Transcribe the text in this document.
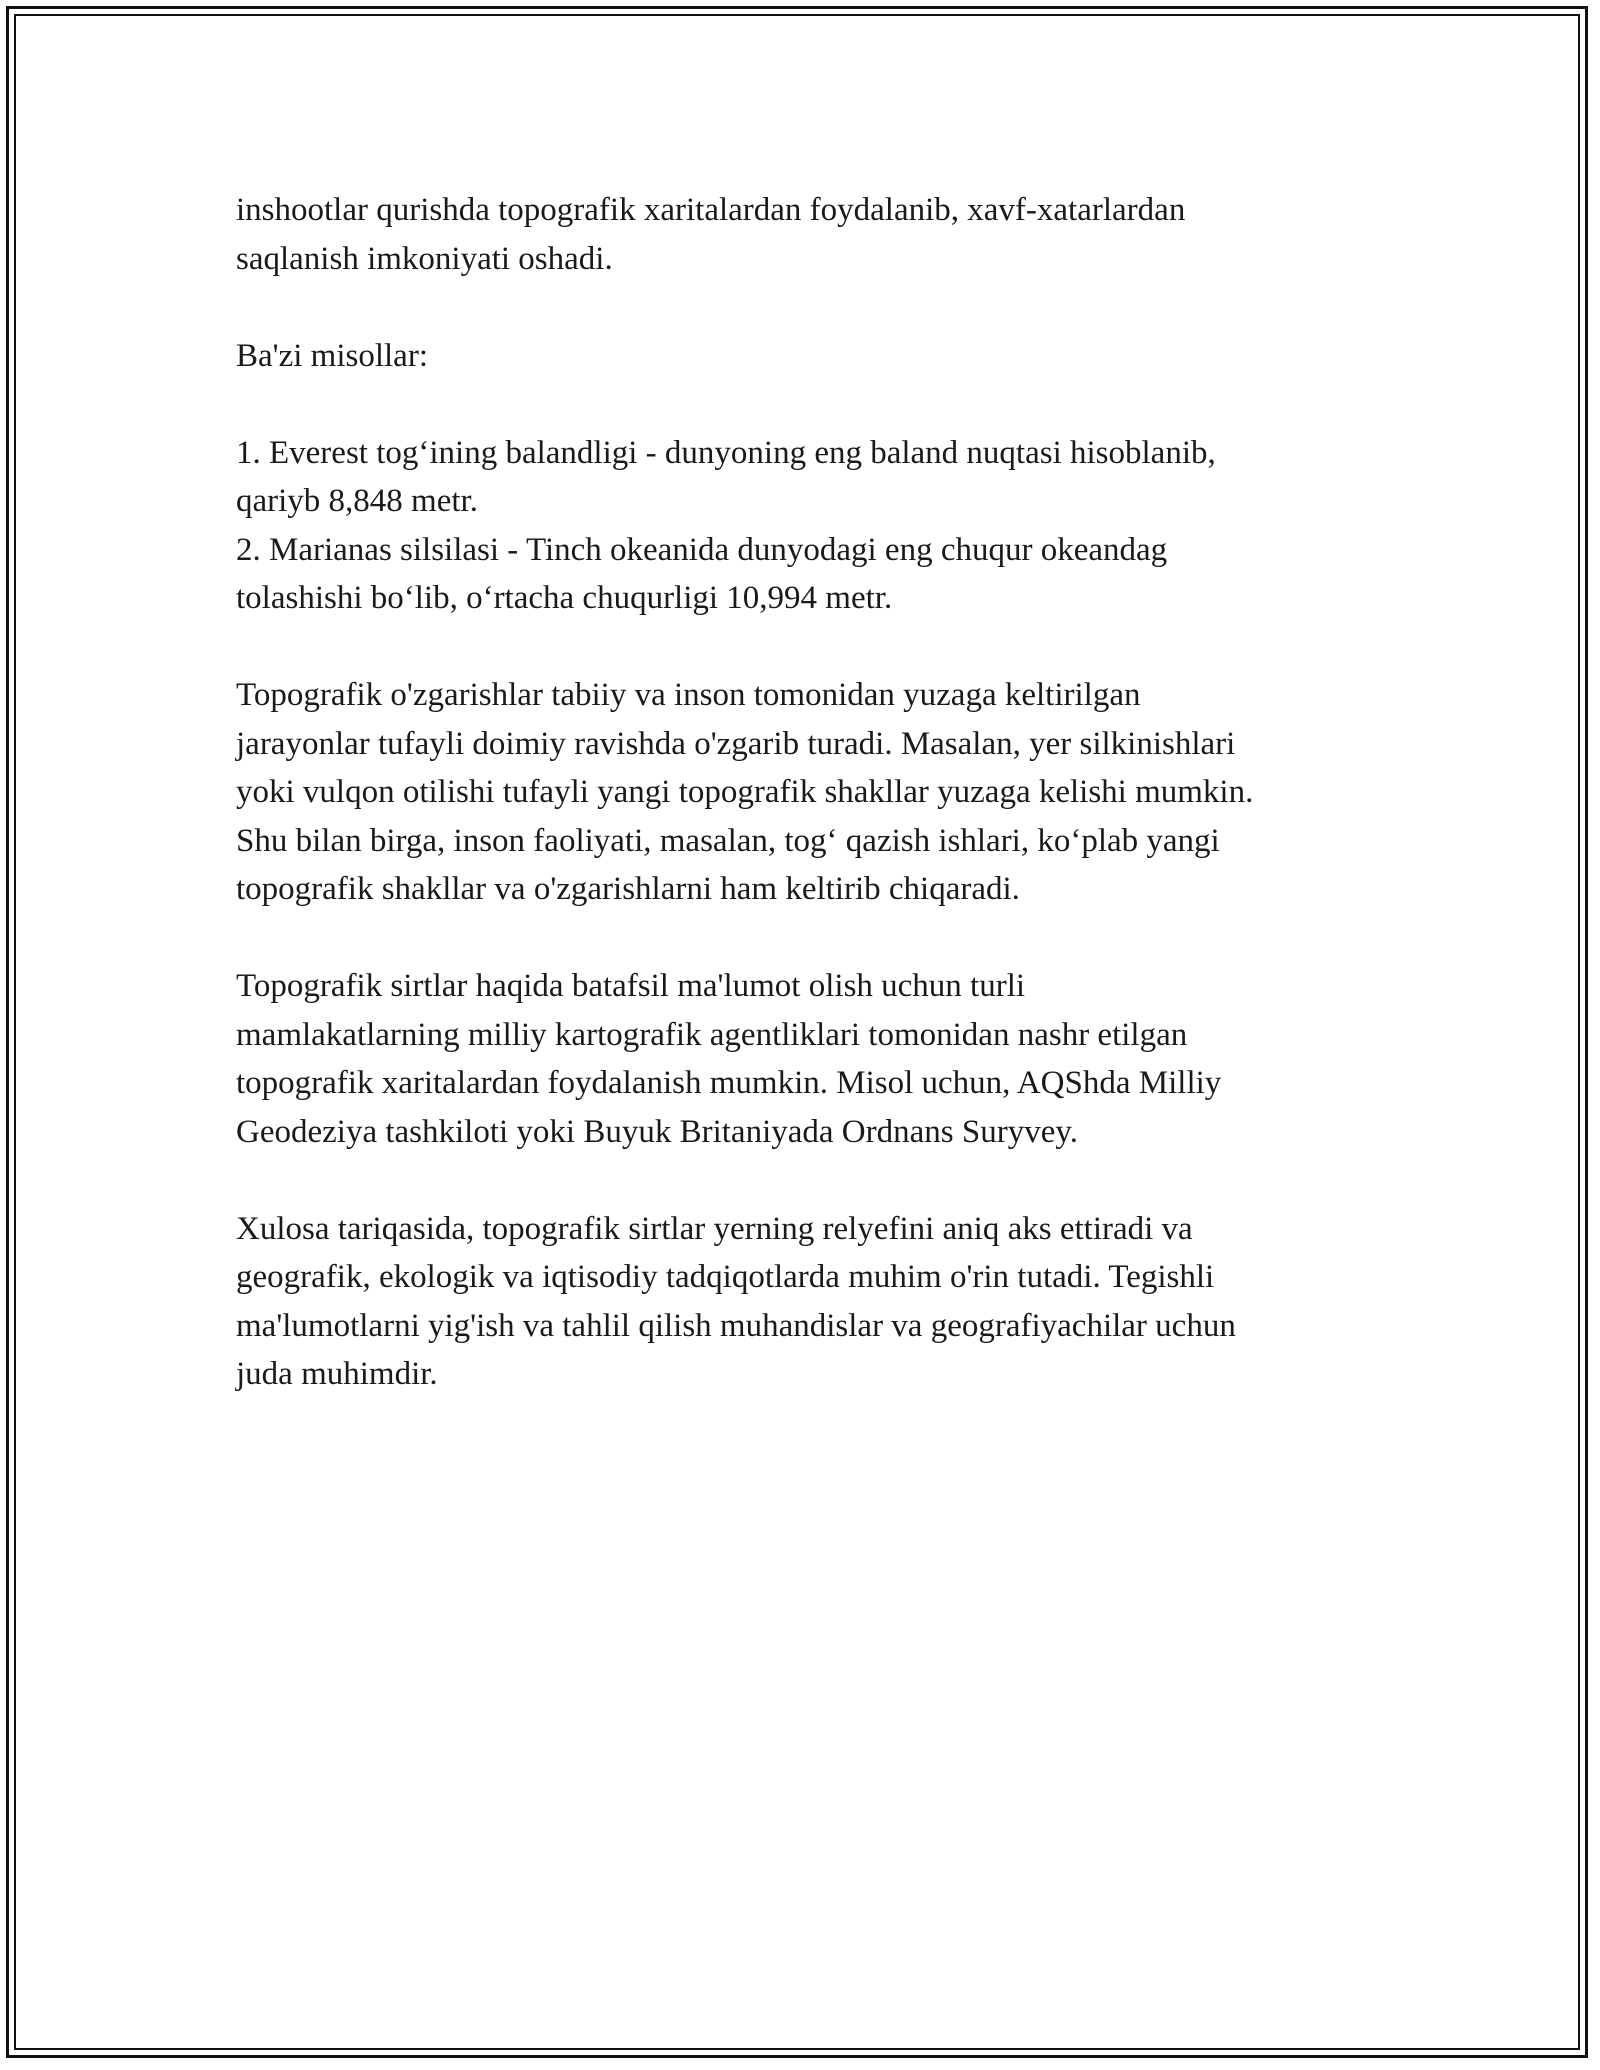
inshootlar qurishda topografik xaritalardan foydalanib, xavf-xatarlardan
saqlanish imkoniyati oshadi.

Ba'zi misollar:

1. Everest tog‘ining balandligi - dunyoning eng baland nuqtasi hisoblanib,
qariyb 8,848 metr.
2. Marianas silsilasi - Tinch okeanida dunyodagi eng chuqur okeandag
tolashishi bo‘lib, o‘rtacha chuqurligi 10,994 metr.

Topografik o'zgarishlar tabiiy va inson tomonidan yuzaga keltirilgan
jarayonlar tufayli doimiy ravishda o'zgarib turadi. Masalan, yer silkinishlari
yoki vulqon otilishi tufayli yangi topografik shakllar yuzaga kelishi mumkin.
Shu bilan birga, inson faoliyati, masalan, tog‘ qazish ishlari, ko‘plab yangi
topografik shakllar va o'zgarishlarni ham keltirib chiqaradi.

Topografik sirtlar haqida batafsil ma'lumot olish uchun turli
mamlakatlarning milliy kartografik agentliklari tomonidan nashr etilgan
topografik xaritalardan foydalanish mumkin. Misol uchun, AQShda Milliy
Geodeziya tashkiloti yoki Buyuk Britaniyada Ordnans Suryvey.

Xulosa tariqasida, topografik sirtlar yerning relyefini aniq aks ettiradi va
geografik, ekologik va iqtisodiy tadqiqotlarda muhim o'rin tutadi. Tegishli
ma'lumotlarni yig'ish va tahlil qilish muhandislar va geografiyachilar uchun
juda muhimdir.
